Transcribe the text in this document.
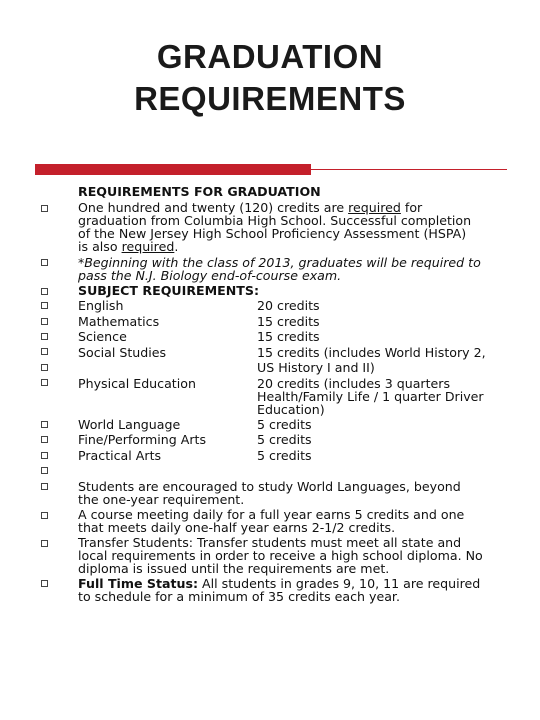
GRADUATION
REQUIREMENTS
REQUIREMENTS FOR GRADUATION
One hundred and twenty (120) credits are required for
graduation from Columbia High School. Successful completion
of the New Jersey High School Proficiency Assessment (HSPA)
is also required.
*Beginning with the class of 2013, graduates will be required to
pass the N.J. Biology end-of-course exam.
SUBJECT REQUIREMENTS:
English	20 credits
Mathematics	15 credits
Science	15 credits
Social Studies	15 credits (includes World History 2,
US History I and II)
Physical Education	20 credits (includes 3 quarters
Health/Family Life / 1 quarter Driver
Education)
World Language	5 credits
Fine/Performing Arts	5 credits
Practical Arts	5 credits
Students are encouraged to study World Languages, beyond
the one-year requirement.
A course meeting daily for a full year earns 5 credits and one
that meets daily one-half year earns 2-1/2 credits.
Transfer Students: Transfer students must meet all state and
local requirements in order to receive a high school diploma. No
diploma is issued until the requirements are met.
Full Time Status: All students in grades 9, 10, 11 are required
to schedule for a minimum of 35 credits each year.
